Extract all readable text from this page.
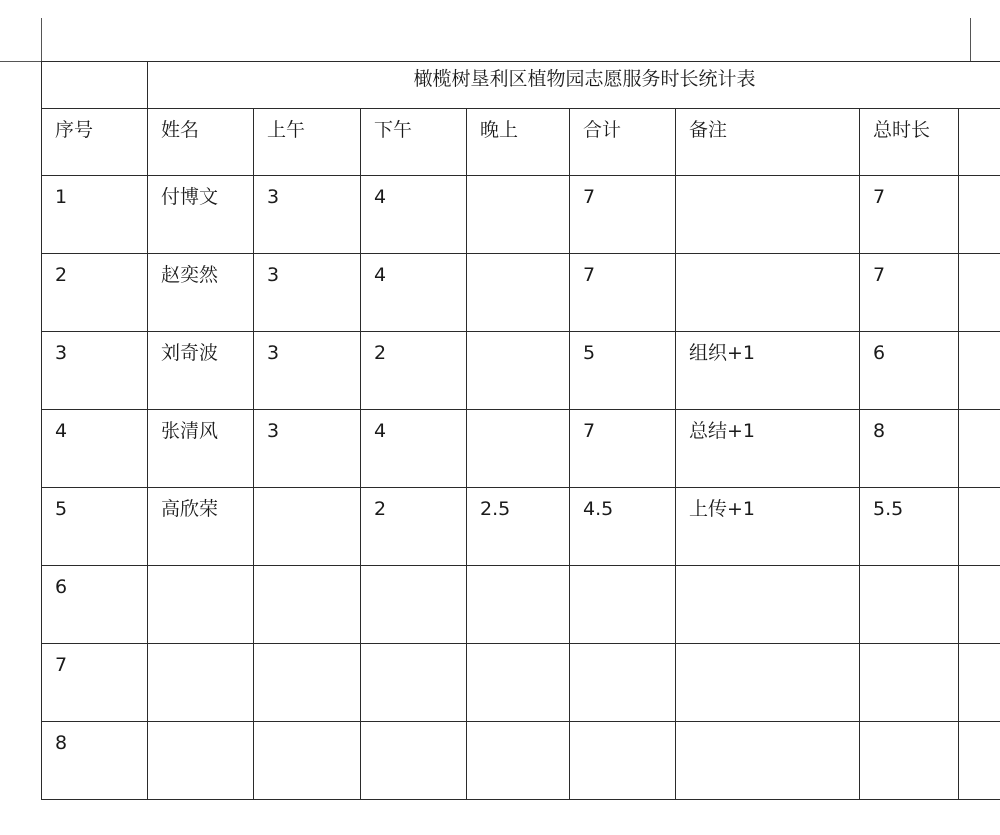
	橄榄树垦利区植物园志愿服务时长统计表							
序号	姓名	上午	下午	晚上	合计	备注	总时长	
1	付博文	3	4		7		7	
2	赵奕然	3	4		7		7	
3	刘奇波	3	2		5	组织+1	6	
4	张清风	3	4		7	总结+1	8	
5	高欣荣		2	2.5	4.5	上传+1	5.5	
6								
7								
8								
